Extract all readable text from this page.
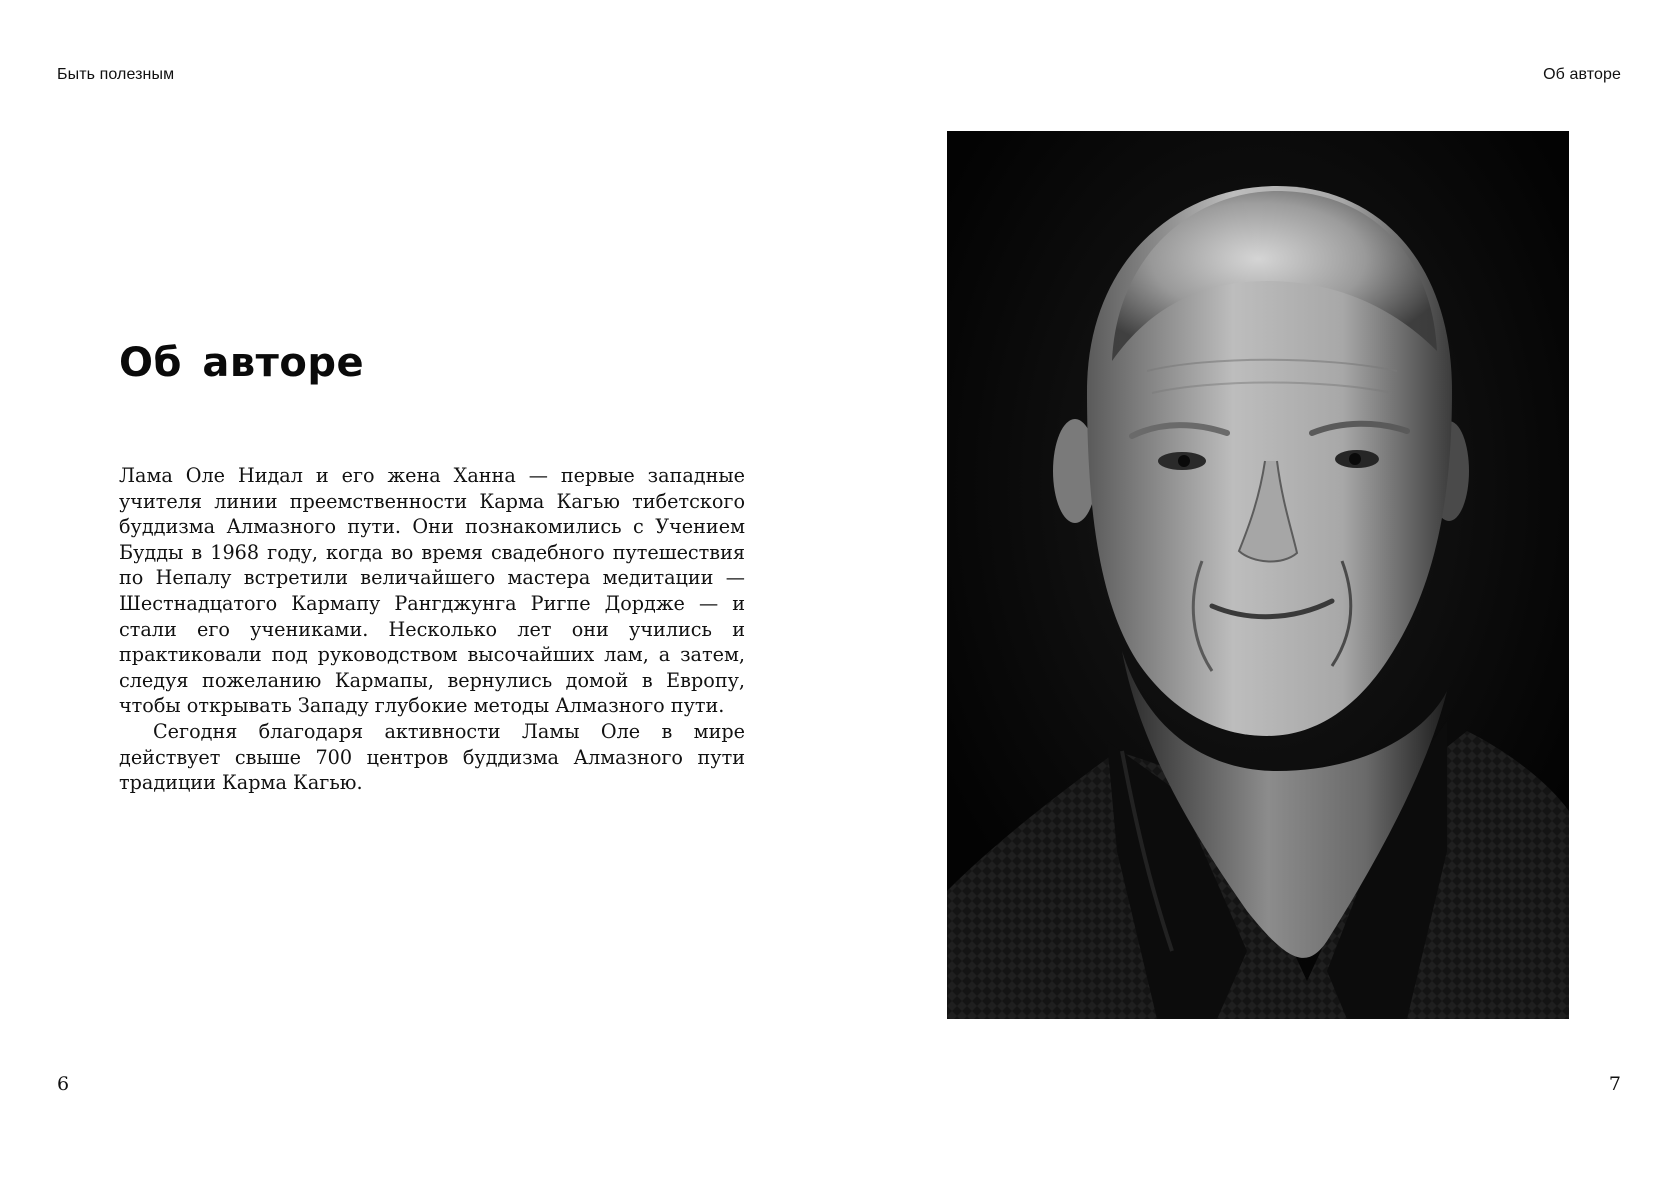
Быть полезным	Об авторе
Об авторе

Лама Оле Нидал и его жена Ханна — первые западные учителя линии преемственности Карма Кагью тибетского буддизма Алмазного пути. Они познакомились с Учением Будды в 1968 году, когда во время свадебного путешествия по Непалу встретили величайшего мастера медитации — Шестнадцатого Кармапу Рангджунга Ригпе Дордже — и стали его учениками. Несколько лет они учились и практиковали под руководством высочайших лам, а затем, следуя пожеланию Кармапы, вернулись домой в Европу, чтобы открывать Западу глубокие методы Алмазного пути.

Сегодня благодаря активности Ламы Оле в мире действует свыше 700 центров буддизма Алмазного пути традиции Карма Кагью.

6	7
